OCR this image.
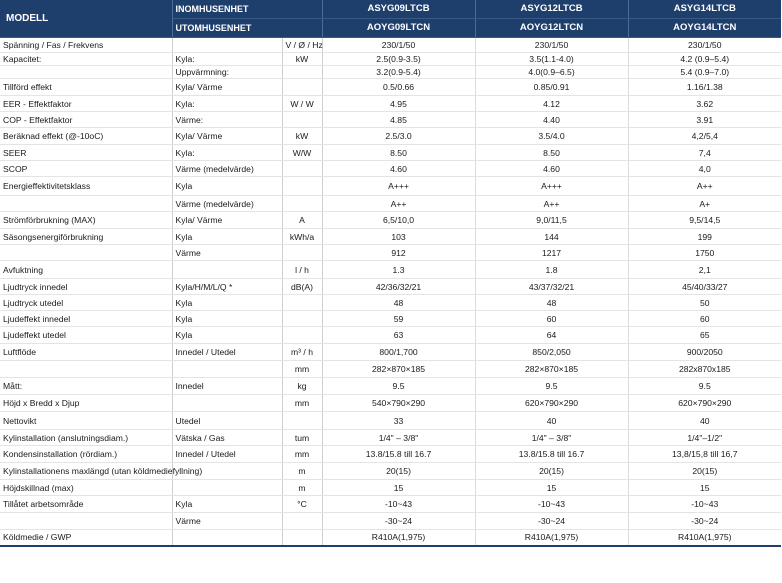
MODELL	INOMHUSENHET		ASYG09LTCB	ASYG12LTCB	ASYG14LTCB
	UTOMHUSENHET		AOYG09LTCN	AOYG12LTCN	AOYG14LTCN
Spänning / Fas / Frekvens		V / Ø / Hz	230/1/50	230/1/50	230/1/50
Kapacitet:	Kyla:	kW	2.5(0.9-3.5)	3.5(1.1-4.0)	4.2 (0.9–5.4)
	Uppvärmning:		3.2(0.9-5.4)	4.0(0.9–6.5)	5.4 (0.9–7.0)
Tillförd effekt	Kyla/ Värme		0.5/0.66	0.85/0.91	1.16/1.38
EER - Effektfaktor	Kyla:	W / W	4.95	4.12	3.62
COP - Effektfaktor	Värme:		4.85	4.40	3.91
Beräknad effekt (@-10oC)	Kyla/ Värme	kW	2.5/3.0	3.5/4.0	4,2/5,4
SEER	Kyla:	W/W	8.50	8.50	7,4
SCOP	Värme (medelvärde)		4.60	4.60	4,0
Energieffektivitetsklass	Kyla		A+++	A+++	A++
	Värme (medelvärde)		A++	A++	A+
Strömförbrukning (MAX)	Kyla/ Värme	A	6,5/10,0	9,0/11,5	9,5/14,5
Säsongsenergiförbrukning	Kyla	kWh/a	103	144	199
	Värme		912	1217	1750
Avfuktning		l / h	1.3	1.8	2,1
Ljudtryck innedel	Kyla/H/M/L/Q *	dB(A)	42/36/32/21	43/37/32/21	45/40/33/27
Ljudtryck utedel	Kyla		48	48	50
Ljudeffekt innedel	Kyla		59	60	60
Ljudeffekt utedel	Kyla		63	64	65
Luftflöde	Innedel / Utedel	m³ / h	800/1,700	850/2,050	900/2050
		mm	282×870×185	282×870×185	282x870x185
Mått:	Innedel	kg	9.5	9.5	9.5
Höjd x Bredd x Djup		mm	540×790×290	620×790×290	620×790×290
Nettovikt	Utedel		33	40	40
Kylinstallation (anslutningsdiam.)	Vätska / Gas	tum	1/4" – 3/8"	1/4" – 3/8"	1/4"–1/2"
Kondensinstallation (rördiam.)	Innedel / Utedel	mm	13.8/15.8 till 16.7	13.8/15.8 till 16.7	13,8/15,8 till 16,7
Kylinstallationens maxlängd (utan köldmediefyllning)		m	20(15)	20(15)	20(15)
Höjdskillnad (max)		m	15	15	15
Tillåtet arbetsområde	Kyla	°C	-10~43	-10~43	-10~43
	Värme		-30~24	-30~24	-30~24
Köldmedie / GWP			R410A(1,975)	R410A(1,975)	R410A(1,975)
